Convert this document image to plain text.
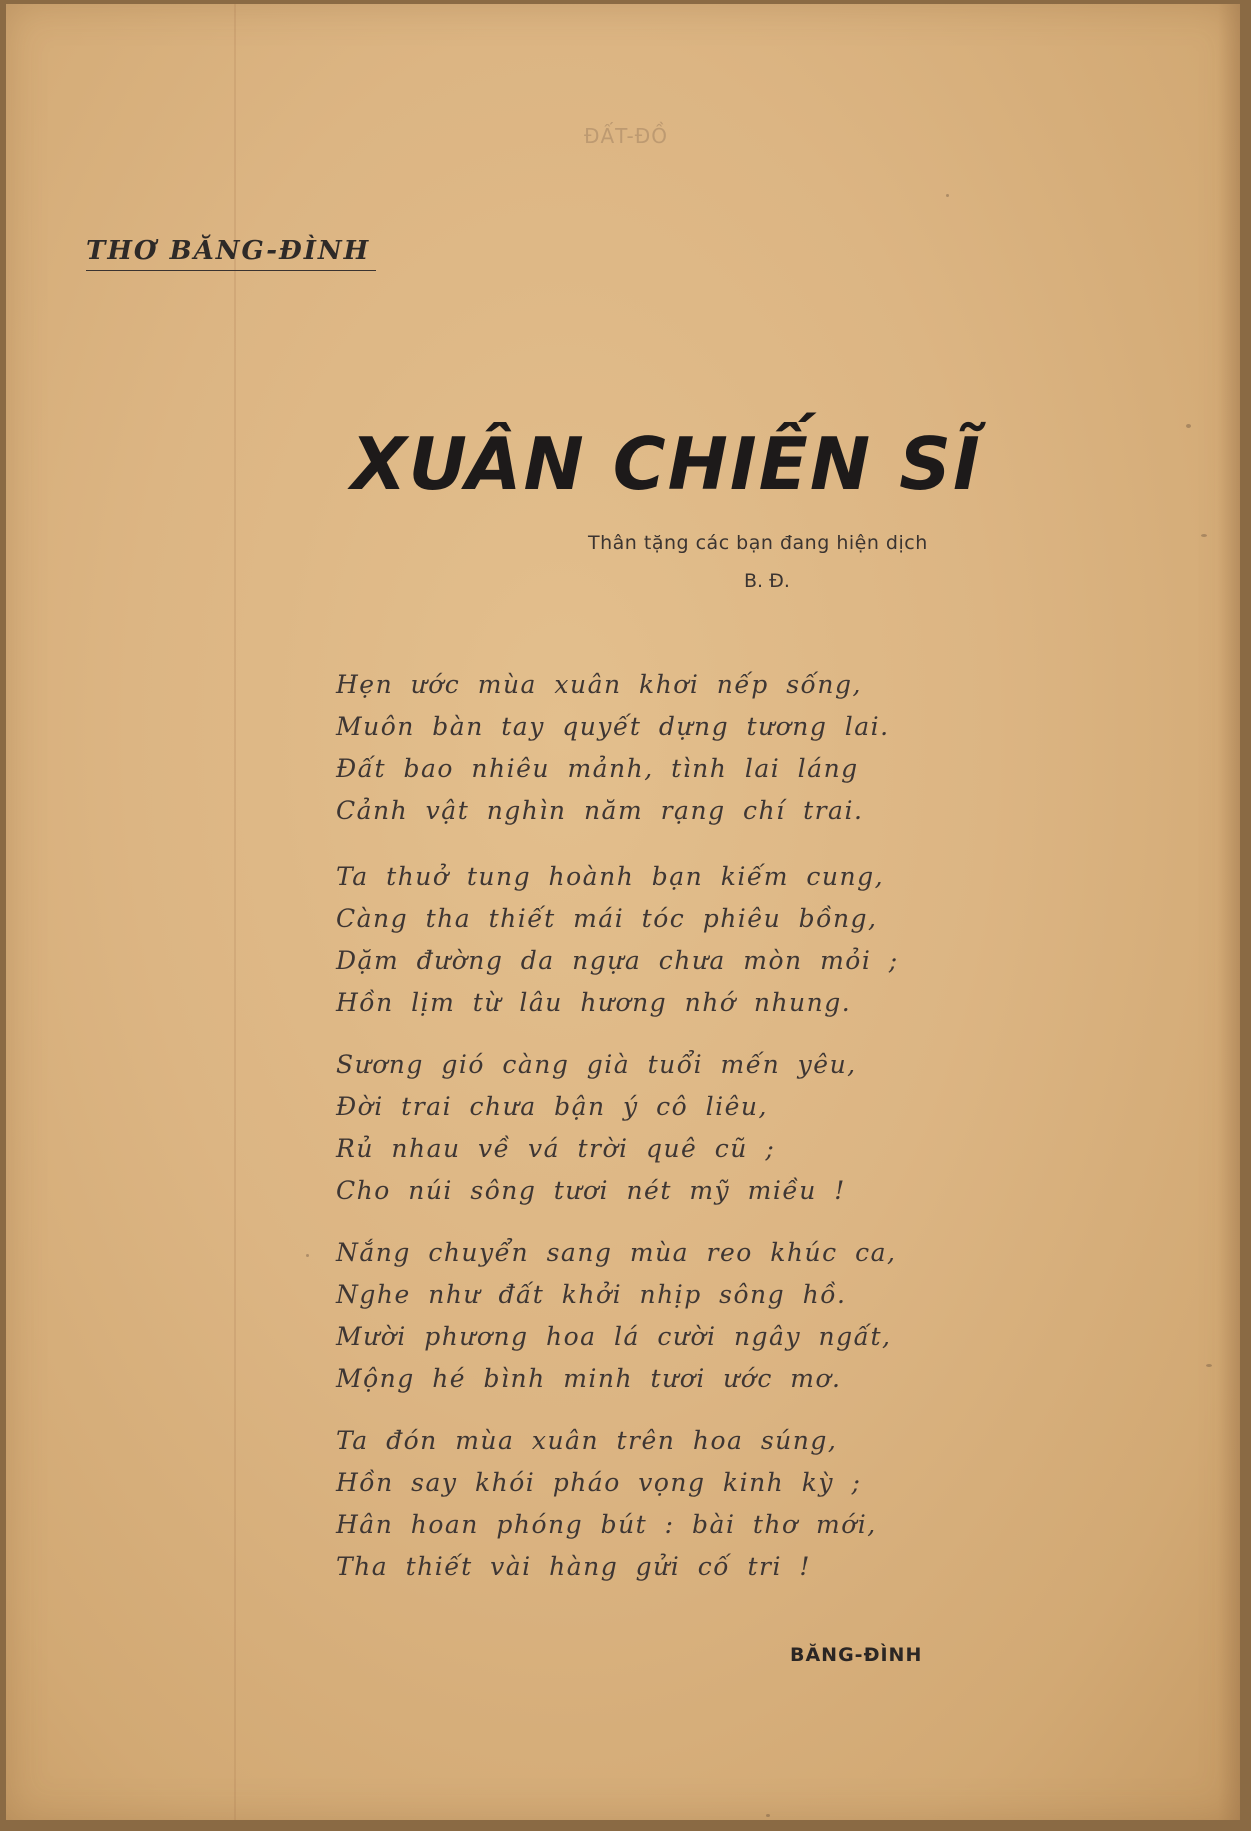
ĐẤT-ĐỒ
THƠ BĂNG-ĐÌNH
XUÂN CHIẾN SĨ
Thân tặng các bạn đang hiện dịch
B. Đ.
Hẹn ước mùa xuân khơi nếp sống,
Muôn bàn tay quyết dựng tương lai.
Đất bao nhiêu mảnh, tình lai láng
Cảnh vật nghìn năm rạng chí trai.
Ta thuở tung hoành bạn kiếm cung,
Càng tha thiết mái tóc phiêu bồng,
Dặm đường da ngựa chưa mòn mỏi ;
Hồn lịm từ lâu hương nhớ nhung.
Sương gió càng già tuổi mến yêu,
Đời trai chưa bận ý cô liêu,
Rủ nhau về vá trời quê cũ ;
Cho núi sông tươi nét mỹ miều !
Nắng chuyển sang mùa reo khúc ca,
Nghe như đất khởi nhịp sông hồ.
Mười phương hoa lá cười ngây ngất,
Mộng hé bình minh tươi ước mơ.
Ta đón mùa xuân trên hoa súng,
Hồn say khói pháo vọng kinh kỳ ;
Hân hoan phóng bút : bài thơ mới,
Tha thiết vài hàng gửi cố tri !
BĂNG-ĐÌNH
